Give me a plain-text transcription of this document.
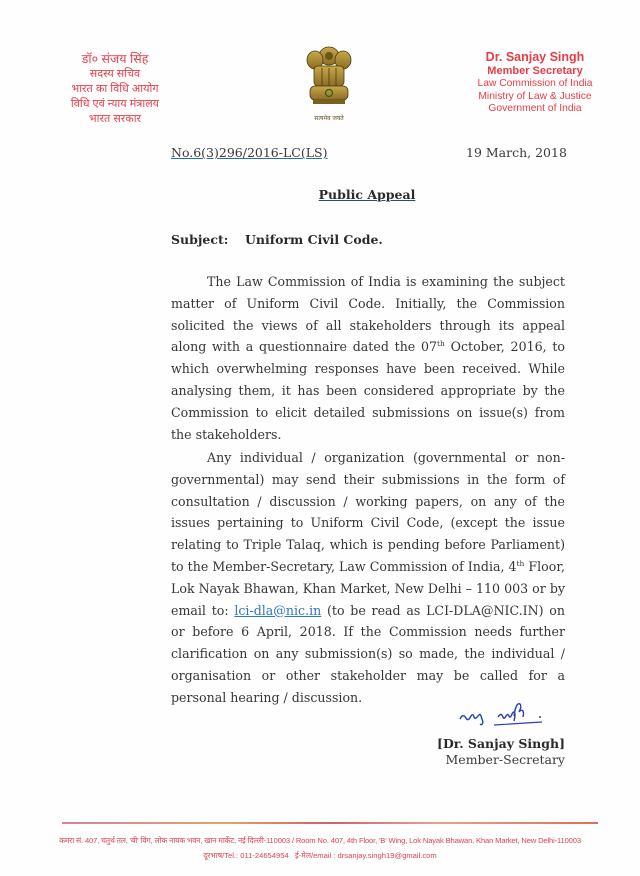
डॉ० संजय सिंह
सदस्य सचिव
भारत का विधि आयोग
विधि एवं न्याय मंत्रालय
भारत सरकार	सत्यमेव जयते
Dr. Sanjay Singh
Member Secretary
Law Commission of India
Ministry of Law & Justice
Government of India
No.6(3)296/2016-LC(LS)	19 March, 2018
Public Appeal
Subject: Uniform Civil Code.
The Law Commission of India is examining the subject matter of Uniform Civil Code. Initially, the Commission solicited the views of all stakeholders through its appeal along with a questionnaire dated the 07th October, 2016, to which overwhelming responses have been received. While analysing them, it has been considered appropriate by the Commission to elicit detailed submissions on issue(s) from the stakeholders.
Any individual / organization (governmental or non-governmental) may send their submissions in the form of consultation / discussion / working papers, on any of the issues pertaining to Uniform Civil Code, (except the issue relating to Triple Talaq, which is pending before Parliament) to the Member-Secretary, Law Commission of India, 4th Floor, Lok Nayak Bhawan, Khan Market, New Delhi – 110 003 or by email to: lci-dla@nic.in (to be read as LCI-DLA@NIC.IN) on or before 6 April, 2018. If the Commission needs further clarification on any submission(s) so made, the individual / organisation or other stakeholder may be called for a personal hearing / discussion.
[Dr. Sanjay Singh]
Member-Secretary
कमरा सं. 407, चतुर्थ तल, 'बी' विंग, लोक नायक भवन, खान मार्केट, नई दिल्ली-110003 / Room No. 407, 4th Floor, 'B' Wing, Lok Nayak Bhawan, Khan Market, New Delhi-110003
दूरभाष/Tel.: 011-24654954 ई-मेल/email : drsanjay.singh19@gmail.com
